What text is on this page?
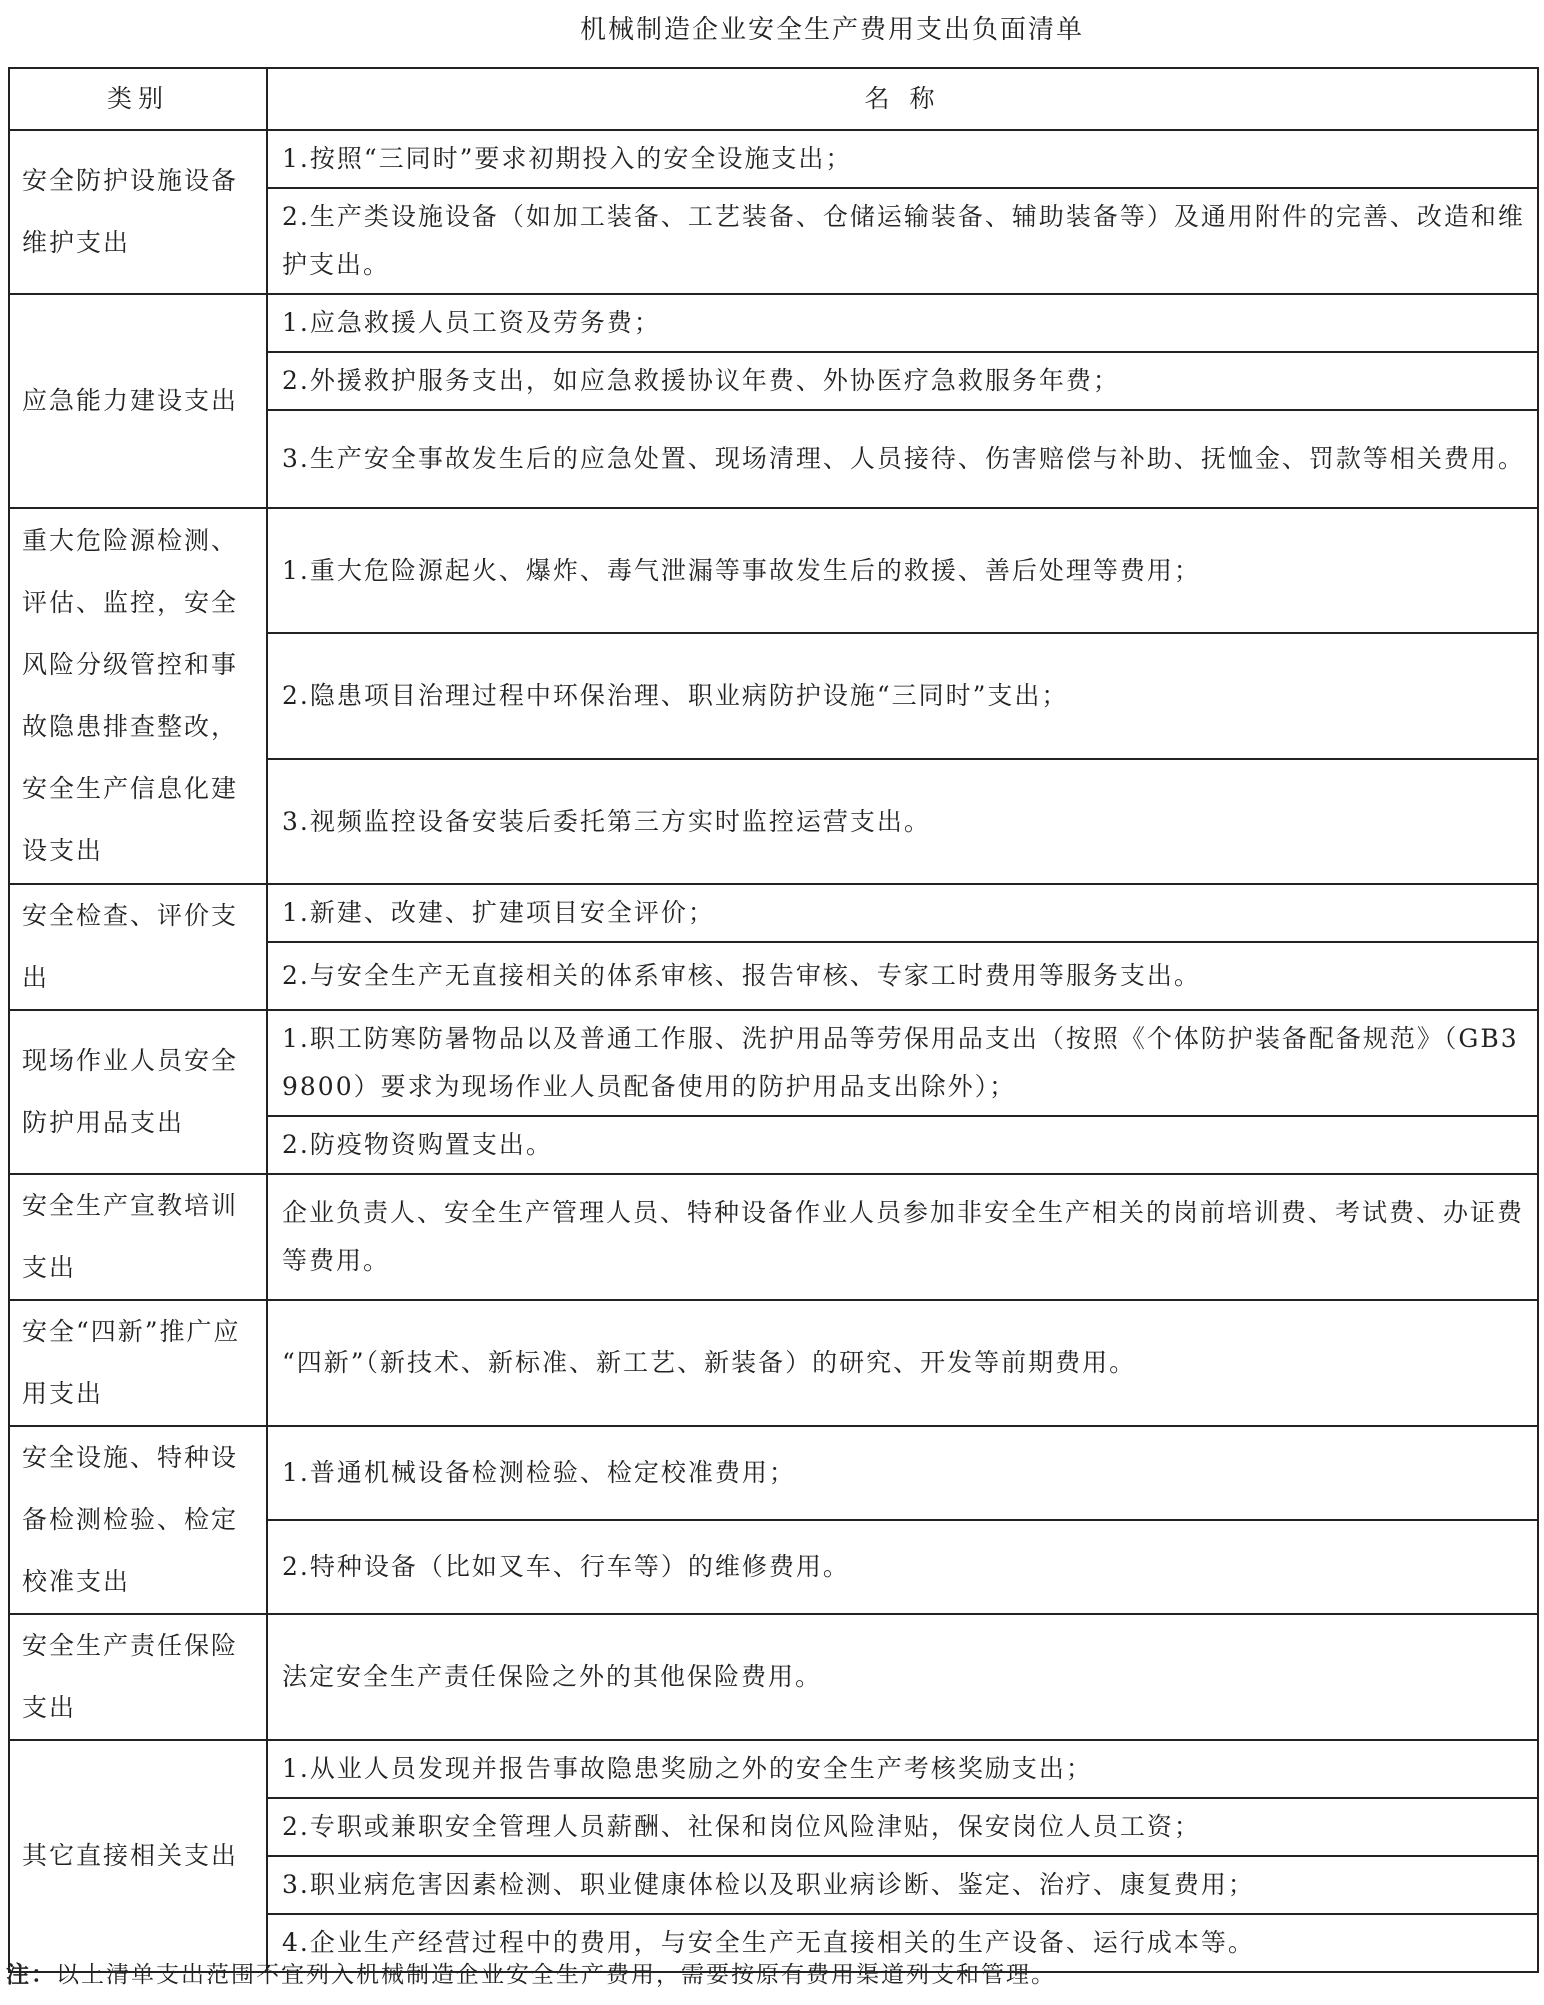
机械制造企业安全生产费用支出负面清单
类别	名 称
安全防护设施设备维护支出	1.按照“三同时”要求初期投入的安全设施支出；
	2.生产类设施设备（如加工装备、工艺装备、仓储运输装备、辅助装备等）及通用附件的完善、改造和维护支出。
应急能力建设支出	1.应急救援人员工资及劳务费；
	2.外援救护服务支出，如应急救援协议年费、外协医疗急救服务年费；
	3.生产安全事故发生后的应急处置、现场清理、人员接待、伤害赔偿与补助、抚恤金、罚款等相关费用。
重大危险源检测、评估、监控，安全风险分级管控和事故隐患排查整改，安全生产信息化建设支出	1.重大危险源起火、爆炸、毒气泄漏等事故发生后的救援、善后处理等费用；
	2.隐患项目治理过程中环保治理、职业病防护设施“三同时”支出；
	3.视频监控设备安装后委托第三方实时监控运营支出。
安全检查、评价支出	1.新建、改建、扩建项目安全评价；
	2.与安全生产无直接相关的体系审核、报告审核、专家工时费用等服务支出。
现场作业人员安全防护用品支出	1.职工防寒防暑物品以及普通工作服、洗护用品等劳保用品支出（按照《个体防护装备配备规范》（GB39800）要求为现场作业人员配备使用的防护用品支出除外）；
	2.防疫物资购置支出。
安全生产宣教培训支出	企业负责人、安全生产管理人员、特种设备作业人员参加非安全生产相关的岗前培训费、考试费、办证费等费用。
安全“四新”推广应用支出	“四新”（新技术、新标准、新工艺、新装备）的研究、开发等前期费用。
安全设施、特种设备检测检验、检定校准支出	1.普通机械设备检测检验、检定校准费用；
	2.特种设备（比如叉车、行车等）的维修费用。
安全生产责任保险支出	法定安全生产责任保险之外的其他保险费用。
其它直接相关支出	1.从业人员发现并报告事故隐患奖励之外的安全生产考核奖励支出；
	2.专职或兼职安全管理人员薪酬、社保和岗位风险津贴，保安岗位人员工资；
	3.职业病危害因素检测、职业健康体检以及职业病诊断、鉴定、治疗、康复费用；
	4.企业生产经营过程中的费用，与安全生产无直接相关的生产设备、运行成本等。
注：以上清单支出范围不宜列入机械制造企业安全生产费用，需要按原有费用渠道列支和管理。
